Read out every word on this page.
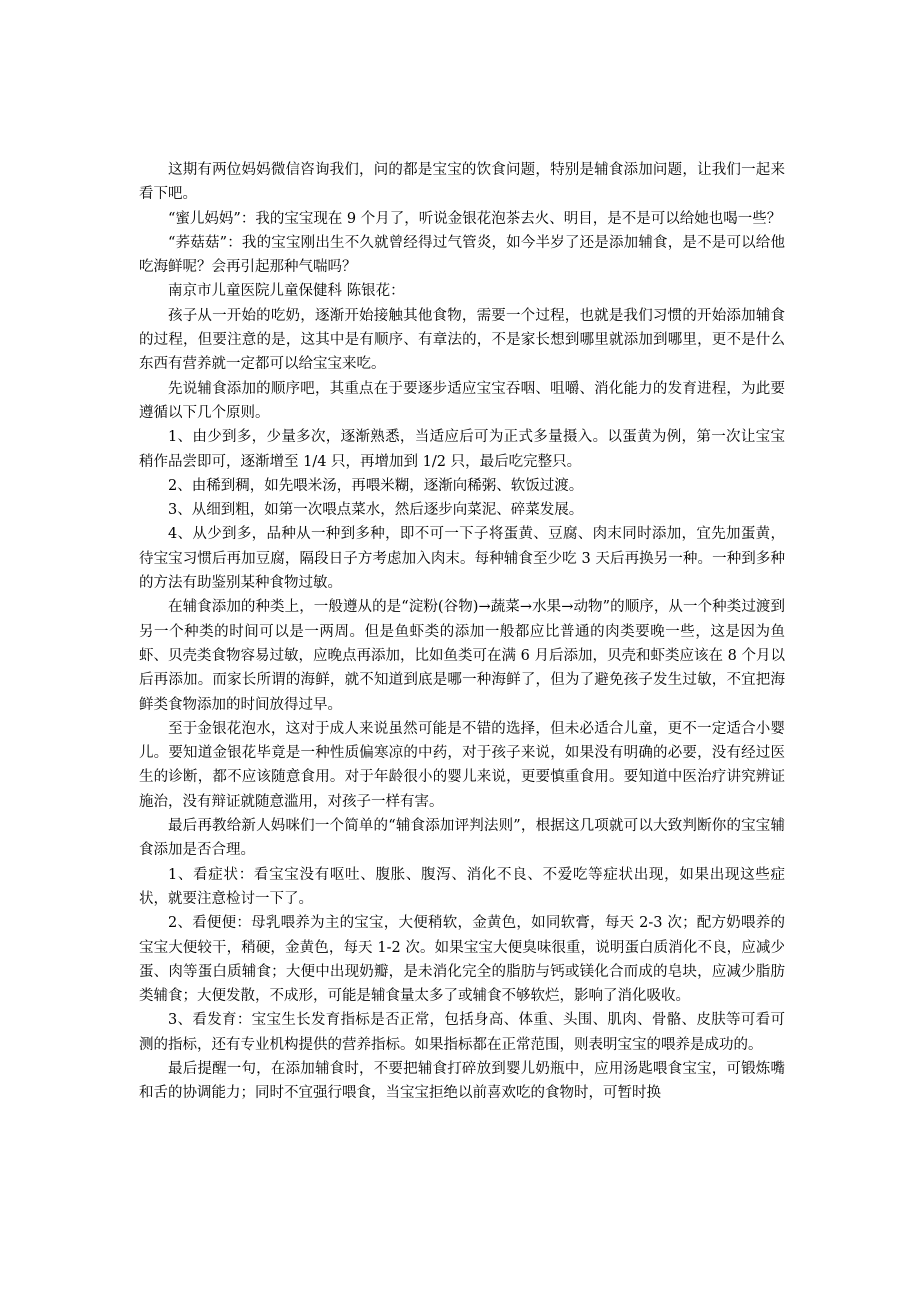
这期有两位妈妈微信咨询我们，问的都是宝宝的饮食问题，特别是辅食添加问题，让我们一起来看下吧。

“蜜儿妈妈”：我的宝宝现在 9 个月了，听说金银花泡茶去火、明目，是不是可以给她也喝一些？

“荞菇菇”：我的宝宝刚出生不久就曾经得过气管炎，如今半岁了还是添加辅食，是不是可以给他吃海鲜呢？会再引起那种气喘吗？

南京市儿童医院儿童保健科 陈银花：

孩子从一开始的吃奶，逐渐开始接触其他食物，需要一个过程，也就是我们习惯的开始添加辅食的过程，但要注意的是，这其中是有顺序、有章法的，不是家长想到哪里就添加到哪里，更不是什么东西有营养就一定都可以给宝宝来吃。

先说辅食添加的顺序吧，其重点在于要逐步适应宝宝吞咽、咀嚼、消化能力的发育进程，为此要遵循以下几个原则。

1、由少到多，少量多次，逐渐熟悉，当适应后可为正式多量摄入。以蛋黄为例，第一次让宝宝稍作品尝即可，逐渐增至 1/4 只，再增加到 1/2 只，最后吃完整只。

2、由稀到稠，如先喂米汤，再喂米糊，逐渐向稀粥、软饭过渡。

3、从细到粗，如第一次喂点菜水，然后逐步向菜泥、碎菜发展。

4、从少到多，品种从一种到多种，即不可一下子将蛋黄、豆腐、肉末同时添加，宜先加蛋黄，待宝宝习惯后再加豆腐，隔段日子方考虑加入肉末。每种辅食至少吃 3 天后再换另一种。一种到多种的方法有助鉴别某种食物过敏。

在辅食添加的种类上，一般遵从的是“淀粉(谷物)→蔬菜→水果→动物”的顺序，从一个种类过渡到另一个种类的时间可以是一两周。但是鱼虾类的添加一般都应比普通的肉类要晚一些，这是因为鱼虾、贝壳类食物容易过敏，应晚点再添加，比如鱼类可在满 6 月后添加，贝壳和虾类应该在 8 个月以后再添加。而家长所谓的海鲜，就不知道到底是哪一种海鲜了，但为了避免孩子发生过敏，不宜把海鲜类食物添加的时间放得过早。

至于金银花泡水，这对于成人来说虽然可能是不错的选择，但未必适合儿童，更不一定适合小婴儿。要知道金银花毕竟是一种性质偏寒凉的中药，对于孩子来说，如果没有明确的必要，没有经过医生的诊断，都不应该随意食用。对于年龄很小的婴儿来说，更要慎重食用。要知道中医治疗讲究辨证施治，没有辩证就随意滥用，对孩子一样有害。

最后再教给新人妈咪们一个简单的“辅食添加评判法则”，根据这几项就可以大致判断你的宝宝辅食添加是否合理。

1、看症状：看宝宝没有呕吐、腹胀、腹泻、消化不良、不爱吃等症状出现，如果出现这些症状，就要注意检讨一下了。

2、看便便：母乳喂养为主的宝宝，大便稍软，金黄色，如同软膏，每天 2-3 次；配方奶喂养的宝宝大便较干，稍硬，金黄色，每天 1-2 次。如果宝宝大便臭味很重，说明蛋白质消化不良，应减少蛋、肉等蛋白质辅食；大便中出现奶瓣，是未消化完全的脂肪与钙或镁化合而成的皂块，应减少脂肪类辅食；大便发散，不成形，可能是辅食量太多了或辅食不够软烂，影响了消化吸收。

3、看发育：宝宝生长发育指标是否正常，包括身高、体重、头围、肌肉、骨骼、皮肤等可看可测的指标，还有专业机构提供的营养指标。如果指标都在正常范围，则表明宝宝的喂养是成功的。

最后提醒一句，在添加辅食时，不要把辅食打碎放到婴儿奶瓶中，应用汤匙喂食宝宝，可锻炼嘴和舌的协调能力；同时不宜强行喂食，当宝宝拒绝以前喜欢吃的食物时，可暂时换
